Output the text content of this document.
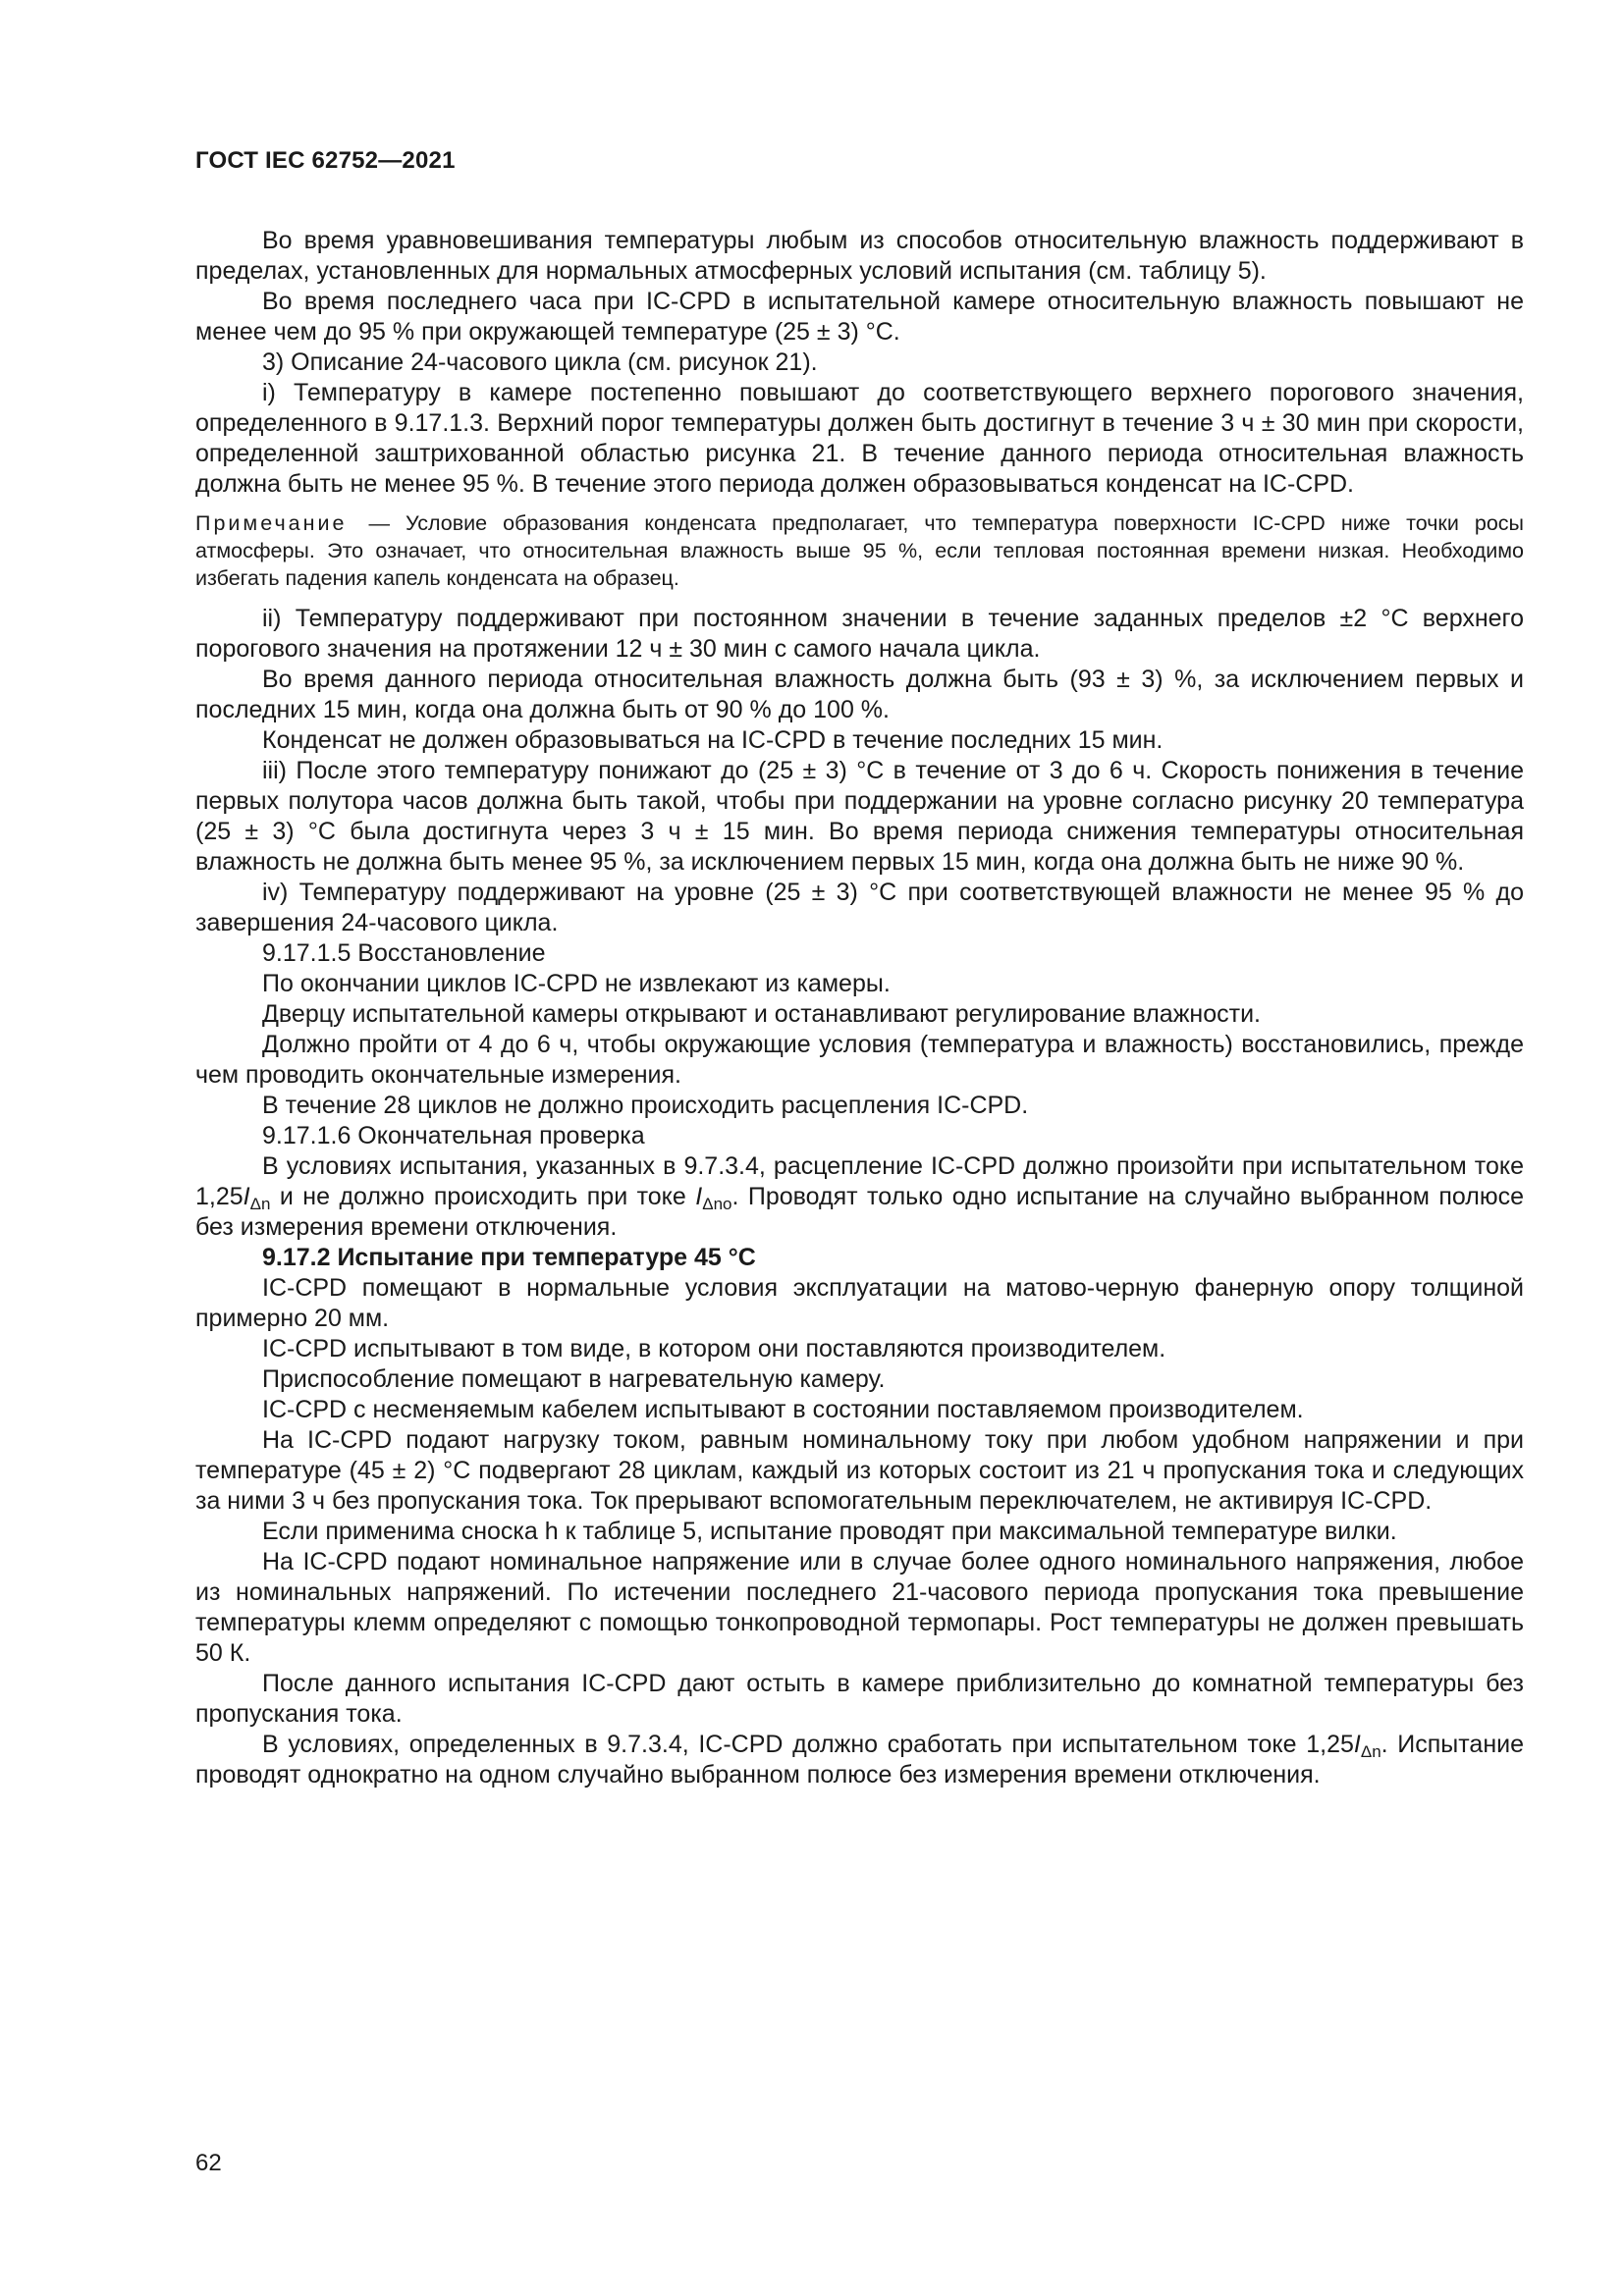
ГОСТ IEC 62752—2021

Во время уравновешивания температуры любым из способов относительную влажность поддерживают в пределах, установленных для нормальных атмосферных условий испытания (см. таблицу 5).

Во время последнего часа при IC-CPD в испытательной камере относительную влажность повышают не менее чем до 95 % при окружающей температуре (25 ± 3) °С.

3) Описание 24-часового цикла (см. рисунок 21).

i) Температуру в камере постепенно повышают до соответствующего верхнего порогового значения, определенного в 9.17.1.3. Верхний порог температуры должен быть достигнут в течение 3 ч ± 30 мин при скорости, определенной заштрихованной областью рисунка 21. В течение данного периода относительная влажность должна быть не менее 95 %. В течение этого периода должен образовываться конденсат на IC-CPD.

Примечание — Условие образования конденсата предполагает, что температура поверхности IC-CPD ниже точки росы атмосферы. Это означает, что относительная влажность выше 95 %, если тепловая постоянная времени низкая. Необходимо избегать падения капель конденсата на образец.

ii) Температуру поддерживают при постоянном значении в течение заданных пределов ±2 °С верхнего порогового значения на протяжении 12 ч ± 30 мин с самого начала цикла.

Во время данного периода относительная влажность должна быть (93 ± 3) %, за исключением первых и последних 15 мин, когда она должна быть от 90 % до 100 %.

Конденсат не должен образовываться на IC-CPD в течение последних 15 мин.

iii) После этого температуру понижают до (25 ± 3) °С в течение от 3 до 6 ч. Скорость понижения в течение первых полутора часов должна быть такой, чтобы при поддержании на уровне согласно рисунку 20 температура (25 ± 3) °С была достигнута через 3 ч ± 15 мин. Во время периода снижения температуры относительная влажность не должна быть менее 95 %, за исключением первых 15 мин, когда она должна быть не ниже 90 %.

iv) Температуру поддерживают на уровне (25 ± 3) °С при соответствующей влажности не менее 95 % до завершения 24-часового цикла.

9.17.1.5 Восстановление

По окончании циклов IC-CPD не извлекают из камеры.

Дверцу испытательной камеры открывают и останавливают регулирование влажности.

Должно пройти от 4 до 6 ч, чтобы окружающие условия (температура и влажность) восстановились, прежде чем проводить окончательные измерения.

В течение 28 циклов не должно происходить расцепления IC-CPD.

9.17.1.6 Окончательная проверка

В условиях испытания, указанных в 9.7.3.4, расцепление IC-CPD должно произойти при испытательном токе $1,25I_{\Delta n}$ и не должно происходить при токе $I_{\Delta no}$. Проводят только одно испытание на случайно выбранном полюсе без измерения времени отключения.

9.17.2 Испытание при температуре 45 °С

IC-CPD помещают в нормальные условия эксплуатации на матово-черную фанерную опору толщиной примерно 20 мм.

IC-CPD испытывают в том виде, в котором они поставляются производителем.

Приспособление помещают в нагревательную камеру.

IC-CPD с несменяемым кабелем испытывают в состоянии поставляемом производителем.

На IC-CPD подают нагрузку током, равным номинальному току при любом удобном напряжении и при температуре (45 ± 2) °С подвергают 28 циклам, каждый из которых состоит из 21 ч пропускания тока и следующих за ними 3 ч без пропускания тока. Ток прерывают вспомогательным переключателем, не активируя IC-CPD.

Если применима сноска h к таблице 5, испытание проводят при максимальной температуре вилки.

На IC-CPD подают номинальное напряжение или в случае более одного номинального напряжения, любое из номинальных напряжений. По истечении последнего 21-часового периода пропускания тока превышение температуры клемм определяют с помощью тонкопроводной термопары. Рост температуры не должен превышать 50 К.

После данного испытания IC-CPD дают остыть в камере приблизительно до комнатной температуры без пропускания тока.

В условиях, определенных в 9.7.3.4, IC-CPD должно сработать при испытательном токе $1,25I_{\Delta n}$. Испытание проводят однократно на одном случайно выбранном полюсе без измерения времени отключения.

62
